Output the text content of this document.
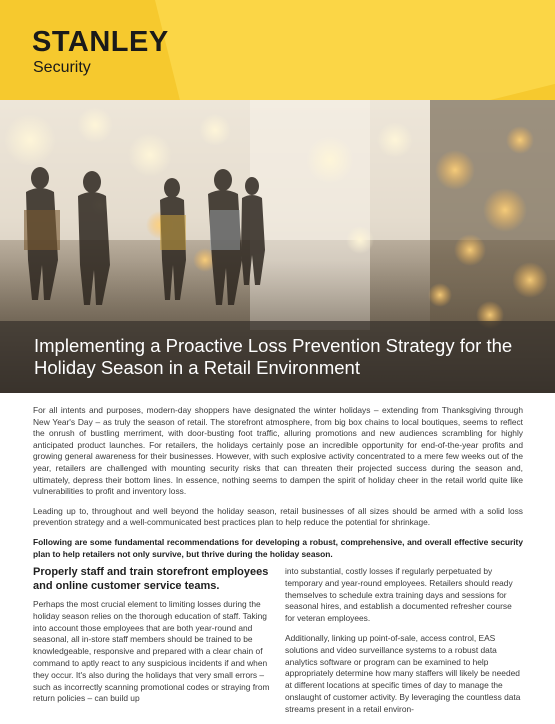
STANLEY
Security
Implementing a Proactive Loss Prevention Strategy for the Holiday Season in a Retail Environment

For all intents and purposes, modern-day shoppers have designated the winter holidays – extending from Thanksgiving through New Year's Day – as truly the season of retail. The storefront atmosphere, from big box chains to local boutiques, seems to reflect the onrush of bustling merriment, with door-busting foot traffic, alluring promotions and new audiences scrambling for highly anticipated product launches. For retailers, the holidays certainly pose an incredible opportunity for end-of-the-year profits and growing general awareness for their businesses. However, with such explosive activity concentrated to a mere few weeks out of the year, retailers are challenged with mounting security risks that can threaten their projected success during the season and, ultimately, depress their bottom lines. In essence, nothing seems to dampen the spirit of holiday cheer in the retail world quite like vulnerabilities to profit and inventory loss.

Leading up to, throughout and well beyond the holiday season, retail businesses of all sizes should be armed with a solid loss prevention strategy and a well-communicated best practices plan to help reduce the potential for shrinkage.

Following are some fundamental recommendations for developing a robust, comprehensive, and overall effective security plan to help retailers not only survive, but thrive during the holiday season.

Properly staff and train storefront employees and online customer service teams.

Perhaps the most crucial element to limiting losses during the holiday season relies on the thorough education of staff. Taking into account those employees that are both year-round and seasonal, all in-store staff members should be trained to be knowledgeable, responsive and prepared with a clear chain of command to aptly react to any suspicious incidents if and when they occur. It's also during the holidays that very small errors – such as incorrectly scanning promotional codes or straying from return policies – can build up

into substantial, costly losses if regularly perpetuated by temporary and year-round employees. Retailers should ready themselves to schedule extra training days and sessions for seasonal hires, and establish a documented refresher course for veteran employees.

Additionally, linking up point-of-sale, access control, EAS solutions and video surveillance systems to a robust data analytics software or program can be examined to help appropriately determine how many staffers will likely be needed at different locations at specific times of day to manage the onslaught of customer activity. By leveraging the countless data streams present in a retail environ-
